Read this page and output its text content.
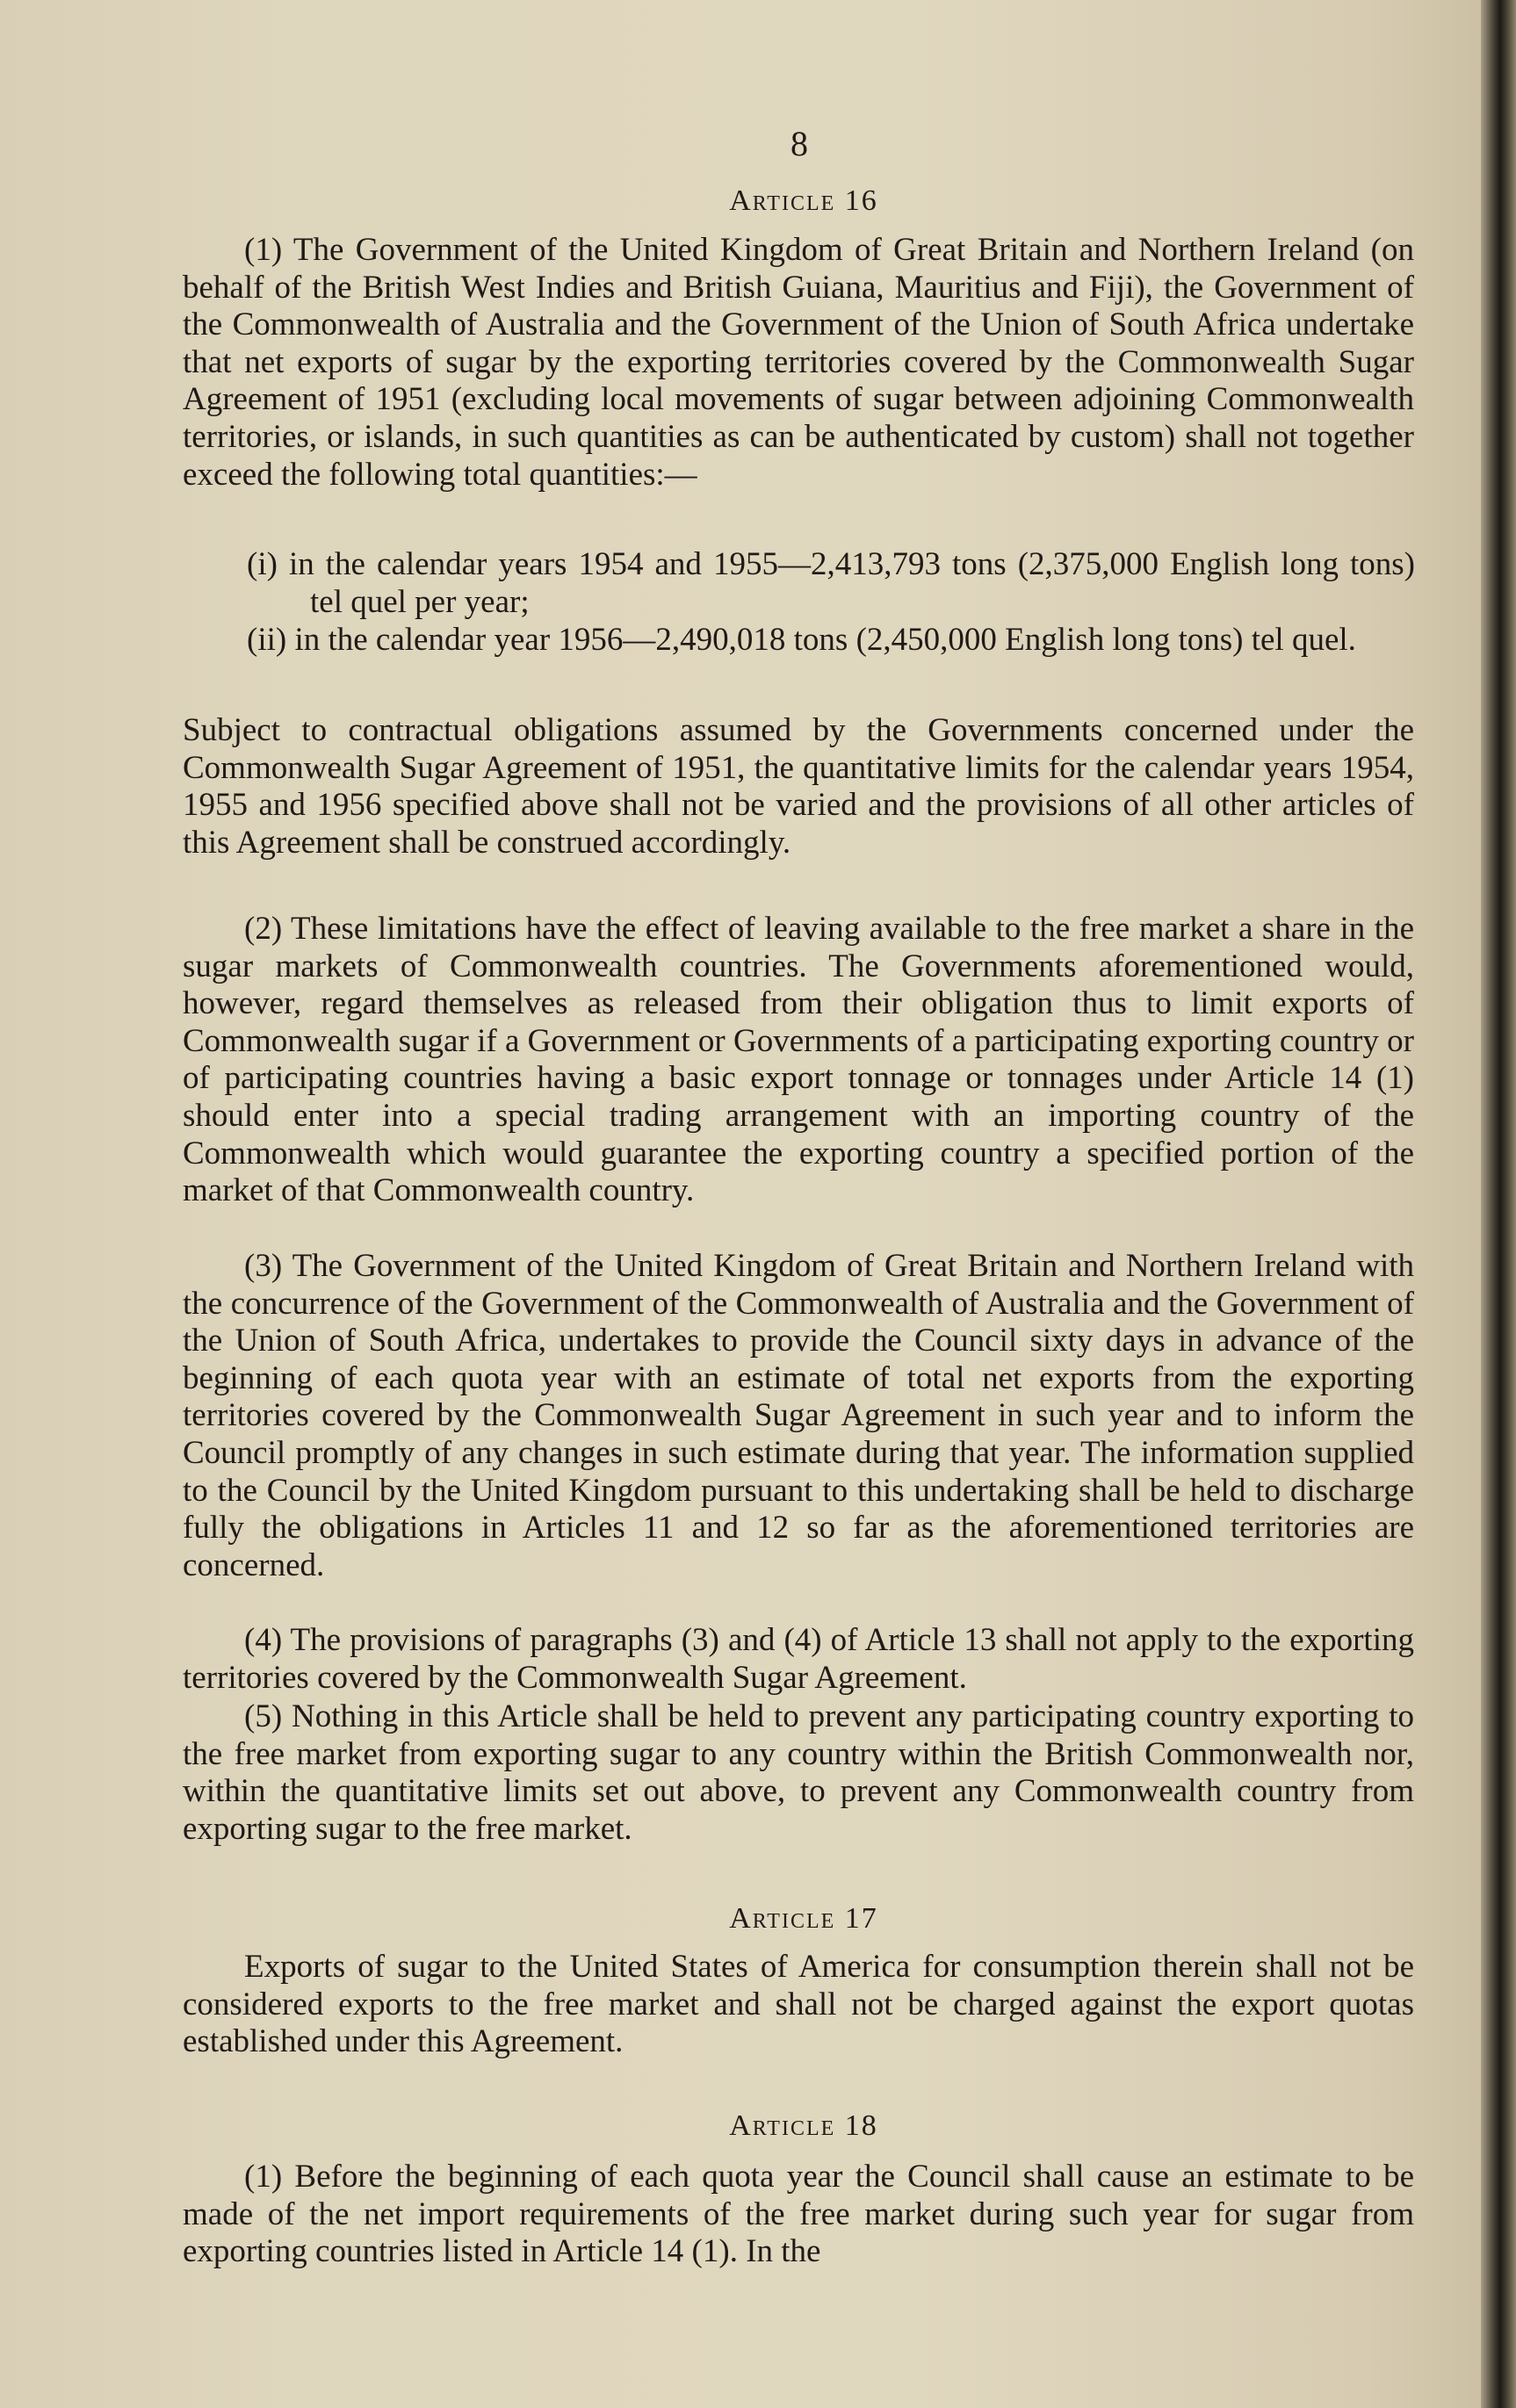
8
Article 16
(1) The Government of the United Kingdom of Great Britain and Northern Ireland (on behalf of the British West Indies and British Guiana, Mauritius and Fiji), the Government of the Commonwealth of Australia and the Government of the Union of South Africa undertake that net exports of sugar by the exporting territories covered by the Commonwealth Sugar Agreement of 1951 (excluding local movements of sugar between adjoining Commonwealth territories, or islands, in such quantities as can be authenticated by custom) shall not together exceed the following total quantities:—
(i) in the calendar years 1954 and 1955—2,413,793 tons (2,375,000 English long tons) tel quel per year;
(ii) in the calendar year 1956—2,490,018 tons (2,450,000 English long tons) tel quel.
Subject to contractual obligations assumed by the Governments concerned under the Commonwealth Sugar Agreement of 1951, the quantitative limits for the calendar years 1954, 1955 and 1956 specified above shall not be varied and the provisions of all other articles of this Agreement shall be construed accordingly.
(2) These limitations have the effect of leaving available to the free market a share in the sugar markets of Commonwealth countries. The Governments aforementioned would, however, regard themselves as released from their obligation thus to limit exports of Commonwealth sugar if a Government or Governments of a participating exporting country or of participating countries having a basic export tonnage or tonnages under Article 14 (1) should enter into a special trading arrangement with an importing country of the Commonwealth which would guarantee the exporting country a specified portion of the market of that Commonwealth country.
(3) The Government of the United Kingdom of Great Britain and Northern Ireland with the concurrence of the Government of the Commonwealth of Australia and the Government of the Union of South Africa, undertakes to provide the Council sixty days in advance of the beginning of each quota year with an estimate of total net exports from the exporting territories covered by the Commonwealth Sugar Agreement in such year and to inform the Council promptly of any changes in such estimate during that year. The information supplied to the Council by the United Kingdom pursuant to this undertaking shall be held to discharge fully the obligations in Articles 11 and 12 so far as the aforementioned territories are concerned.
(4) The provisions of paragraphs (3) and (4) of Article 13 shall not apply to the exporting territories covered by the Commonwealth Sugar Agreement.
(5) Nothing in this Article shall be held to prevent any participating country exporting to the free market from exporting sugar to any country within the British Commonwealth nor, within the quantitative limits set out above, to prevent any Commonwealth country from exporting sugar to the free market.
Article 17
Exports of sugar to the United States of America for consumption therein shall not be considered exports to the free market and shall not be charged against the export quotas established under this Agreement.
Article 18
(1) Before the beginning of each quota year the Council shall cause an estimate to be made of the net import requirements of the free market during such year for sugar from exporting countries listed in Article 14 (1). In the
